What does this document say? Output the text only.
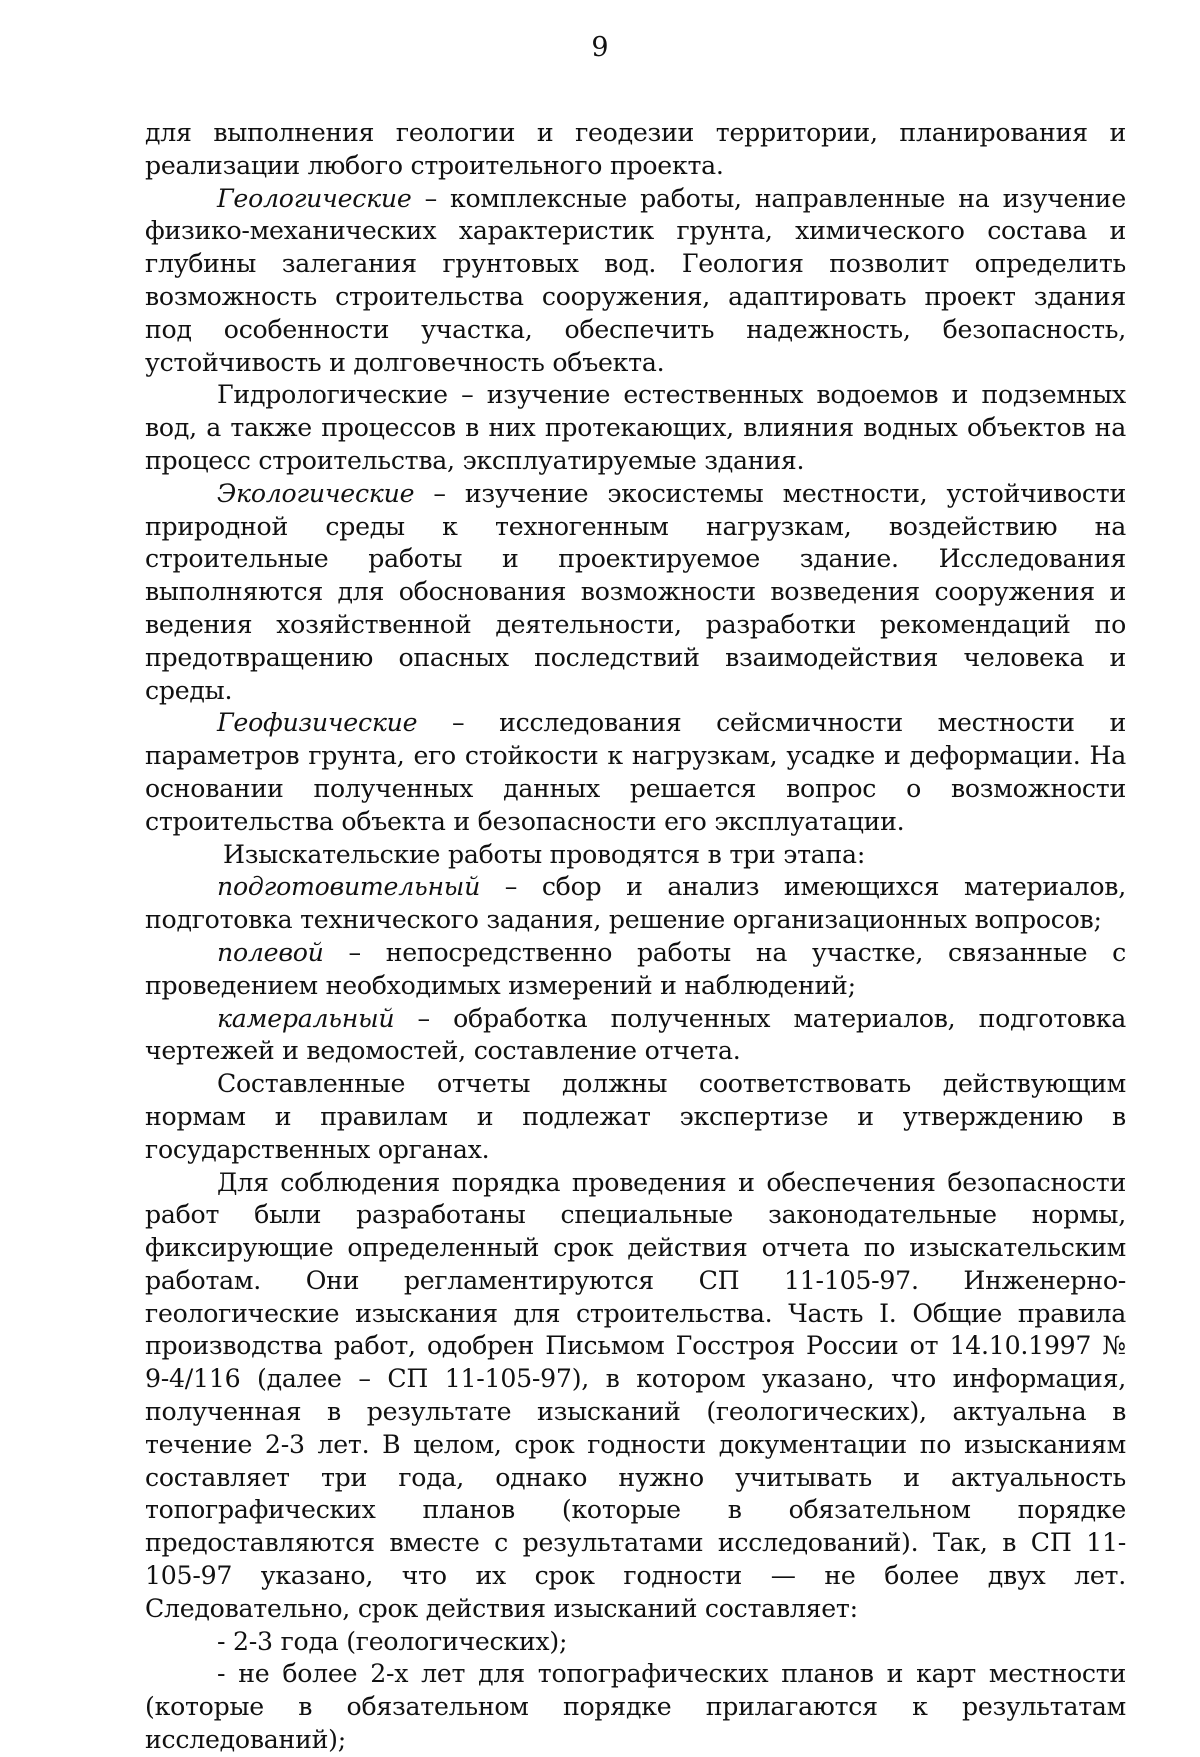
9

для выполнения геологии и геодезии территории, планирования и реализации любого строительного проекта.

Геологические – комплексные работы, направленные на изучение физико-механических характеристик грунта, химического состава и глубины залегания грунтовых вод. Геология позволит определить возможность строительства сооружения, адаптировать проект здания под особенности участка, обеспечить надежность, безопасность, устойчивость и долговечность объекта.

Гидрологические – изучение естественных водоемов и подземных вод, а также процессов в них протекающих, влияния водных объектов на процесс строительства, эксплуатируемые здания.

Экологические – изучение экосистемы местности, устойчивости природной среды к техногенным нагрузкам, воздействию на строительные работы и проектируемое здание. Исследования выполняются для обоснования возможности возведения сооружения и ведения хозяйственной деятельности, разработки рекомендаций по предотвращению опасных последствий взаимодействия человека и среды.

Геофизические – исследования сейсмичности местности и параметров грунта, его стойкости к нагрузкам, усадке и деформации. На основании полученных данных решается вопрос о возможности строительства объекта и безопасности его эксплуатации.

Изыскательские работы проводятся в три этапа:

подготовительный – сбор и анализ имеющихся материалов, подготовка технического задания, решение организационных вопросов;

полевой – непосредственно работы на участке, связанные с проведением необходимых измерений и наблюдений;

камеральный – обработка полученных материалов, подготовка чертежей и ведомостей, составление отчета.

Составленные отчеты должны соответствовать действующим нормам и правилам и подлежат экспертизе и утверждению в государственных органах.

Для соблюдения порядка проведения и обеспечения безопасности работ были разработаны специальные законодательные нормы, фиксирующие определенный срок действия отчета по изыскательским работам. Они регламентируются СП 11-105-97. Инженерно-геологические изыскания для строительства. Часть I. Общие правила производства работ, одобрен Письмом Госстроя России от 14.10.1997 № 9-4/116 (далее – СП 11-105-97), в котором указано, что информация, полученная в результате изысканий (геологических), актуальна в течение 2-3 лет. В целом, срок годности документации по изысканиям составляет три года, однако нужно учитывать и актуальность топографических планов (которые в обязательном порядке предоставляются вместе с результатами исследований). Так, в СП 11-105-97 указано, что их срок годности — не более двух лет. Следовательно, срок действия изысканий составляет:

- 2-3 года (геологических);

- не более 2-х лет для топографических планов и карт местности (которые в обязательном порядке прилагаются к результатам исследований);
